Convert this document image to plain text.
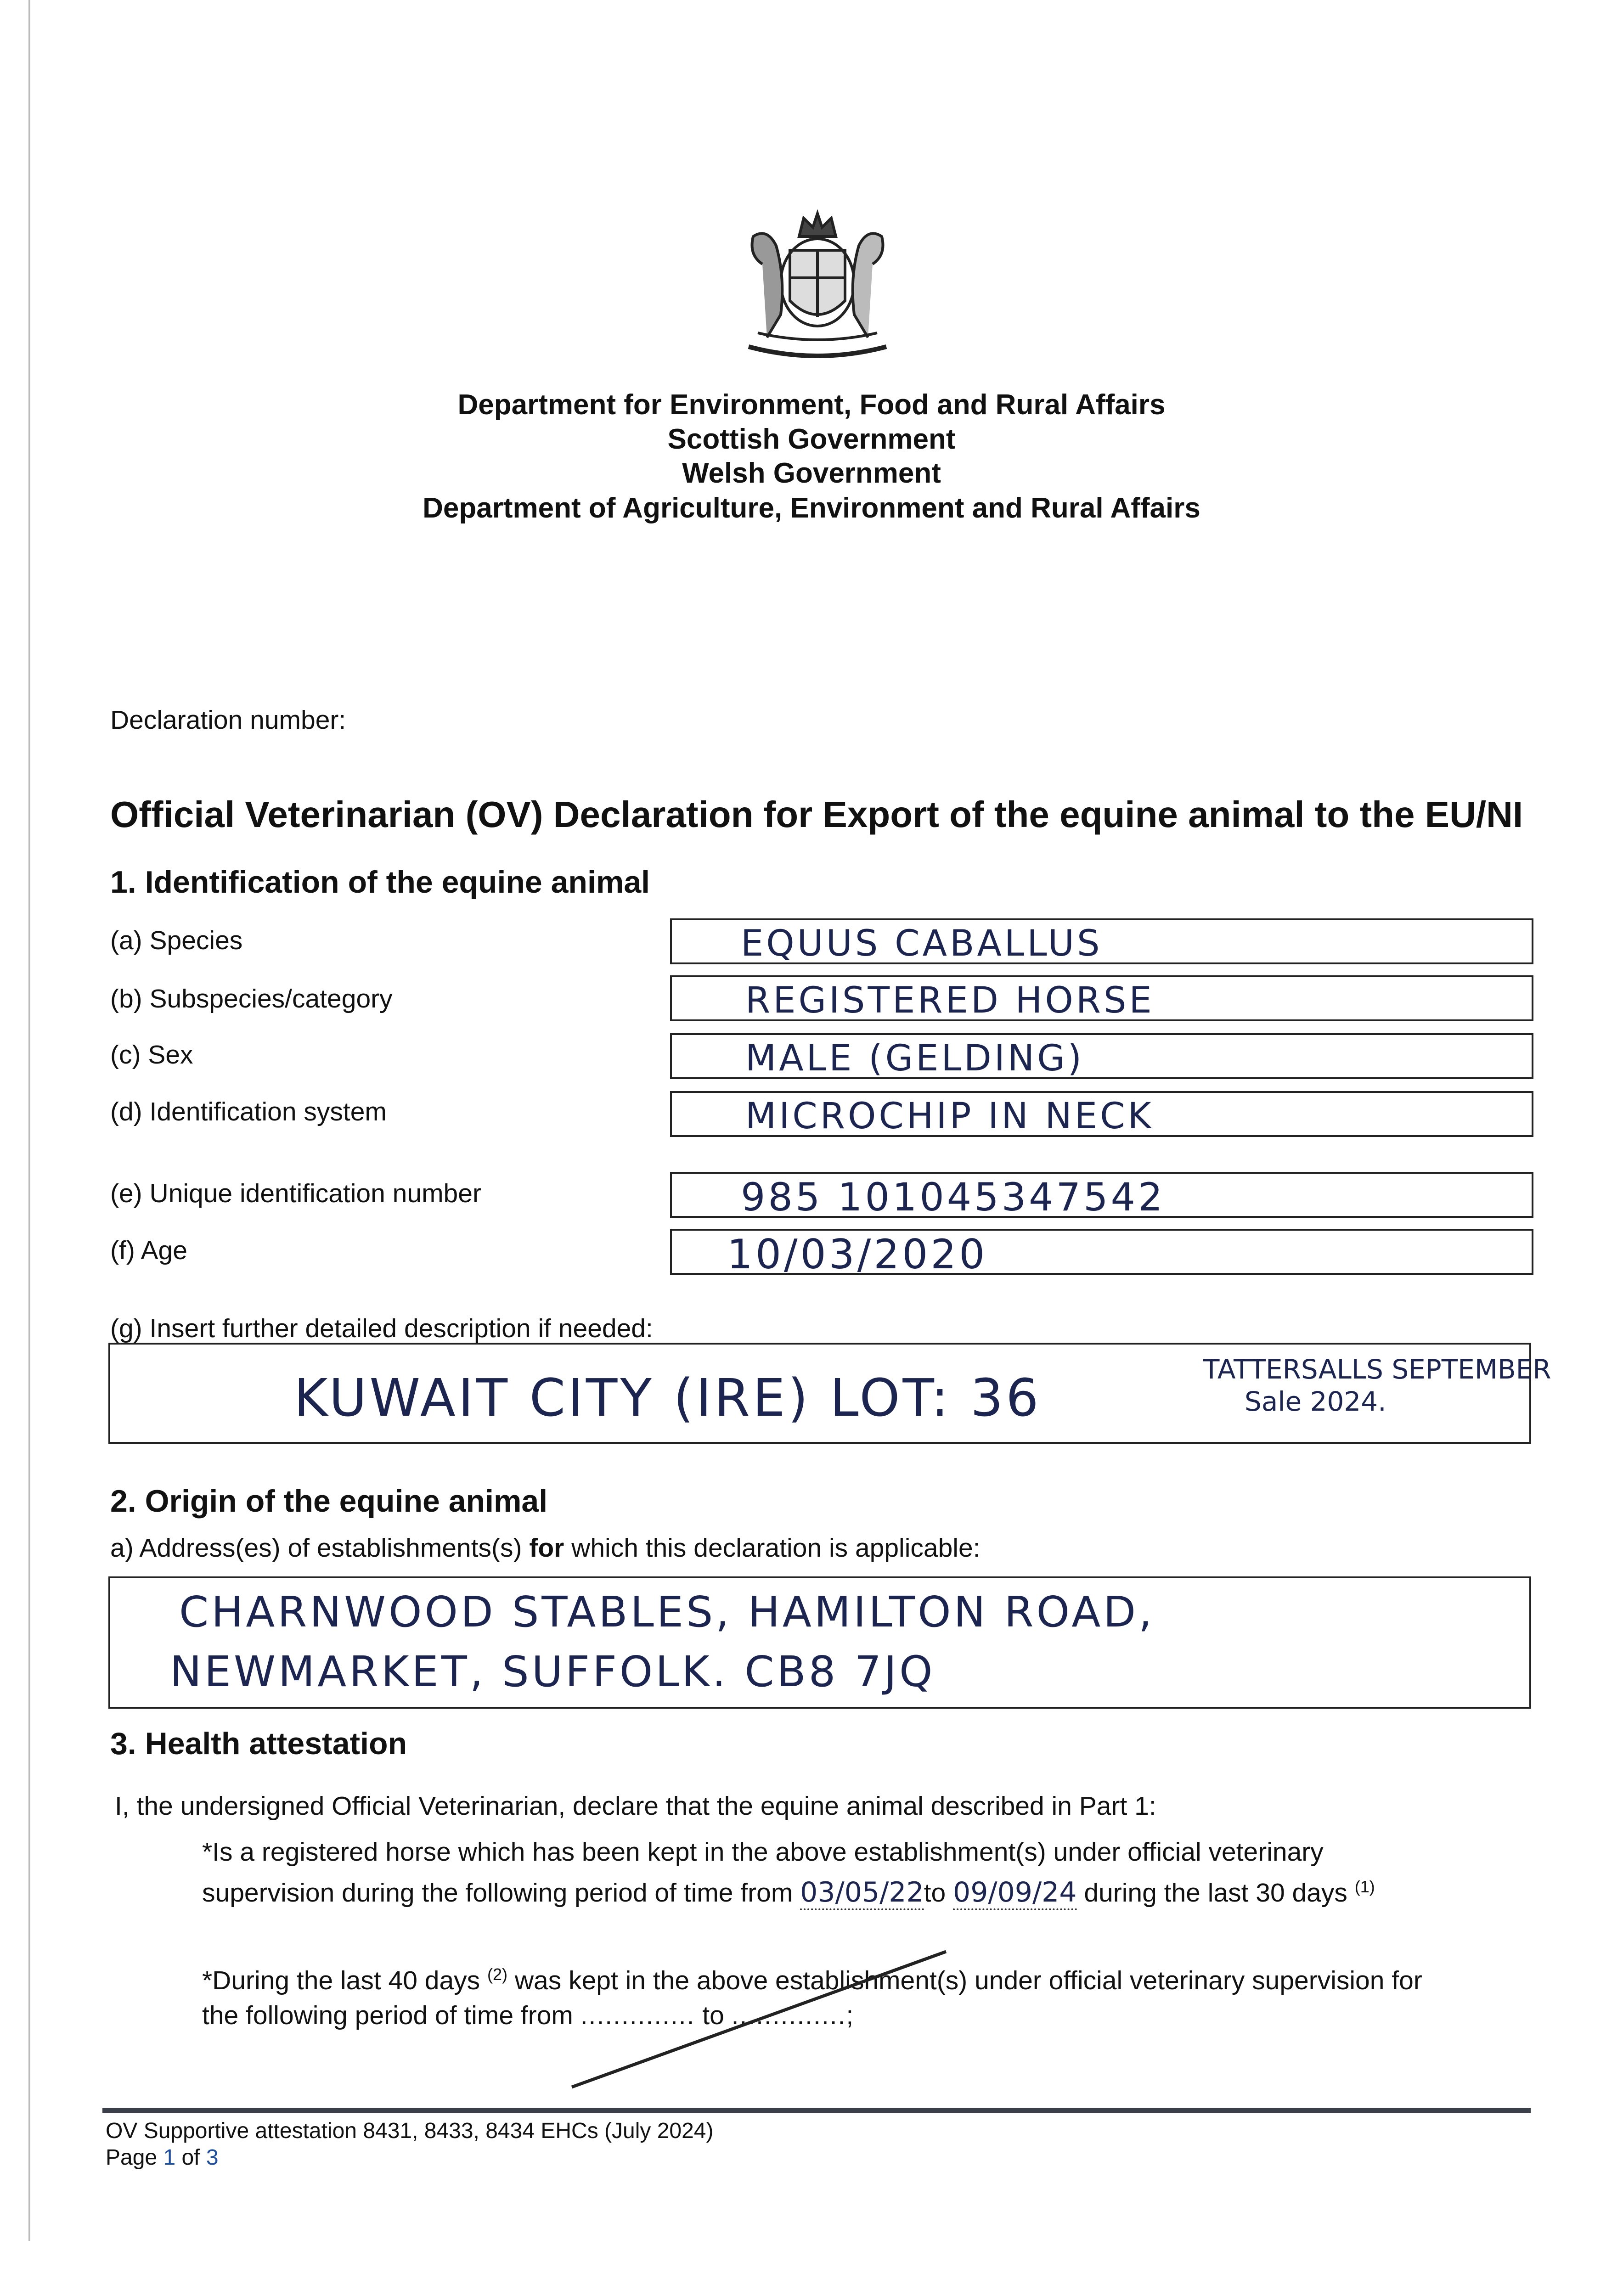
Department for Environment, Food and Rural Affairs
Scottish Government
Welsh Government
Department of Agriculture, Environment and Rural Affairs
Declaration number:
Official Veterinarian (OV) Declaration for Export of the equine animal to the EU/NI
1. Identification of the equine animal
(a) Species	EQUUS CABALLUS
(b) Subspecies/category	REGISTERED HORSE
(c) Sex	MALE (GELDING)
(d) Identification system	MICROCHIP IN NECK
(e) Unique identification number	985 101045347542
(f) Age	10/03/2020
(g) Insert further detailed description if needed:
KUWAIT CITY (IRE) LOT: 36	TATTERSALLS SEPTEMBER
Sale 2024.
2. Origin of the equine animal
a) Address(es) of establishments(s) for which this declaration is applicable:
CHARNWOOD STABLES, HAMILTON ROAD,
NEWMARKET, SUFFOLK. CB8 7JQ
3. Health attestation
I, the undersigned Official Veterinarian, declare that the equine animal described in Part 1:
*Is a registered horse which has been kept in the above establishment(s) under official veterinary
supervision during the following period of time from 03/05/22to 09/09/24 during the last 30 days $^{(1)}$
*During the last 40 days $^{(2)}$ was kept in the above establishment(s) under official veterinary supervision for
the following period of time from .............. to ..............;
OV Supportive attestation 8431, 8433, 8434 EHCs (July 2024)
Page 1 of 3
